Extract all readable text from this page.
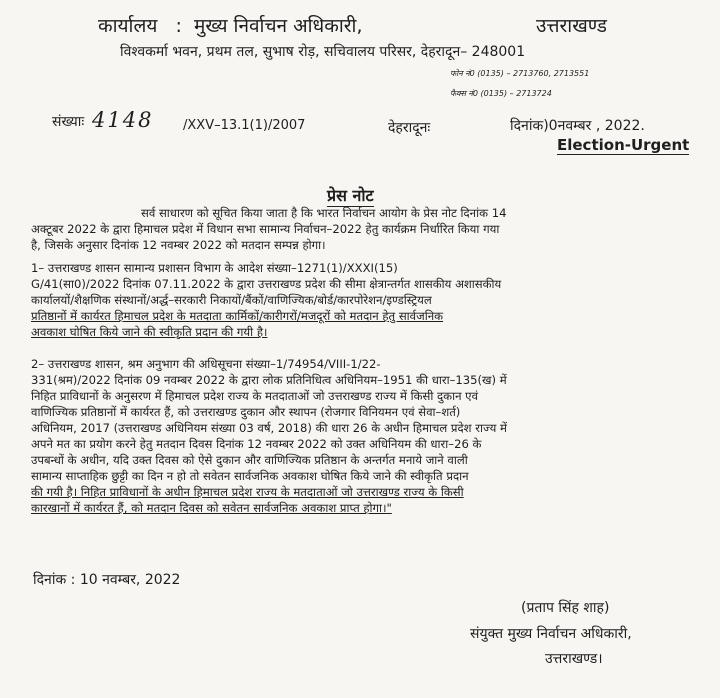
कार्यालय : मुख्य निर्वाचन अधिकारी,	उत्तराखण्ड
विश्वकर्मा भवन, प्रथम तल, सुभाष रोड़, सचिवालय परिसर, देहरादून– 248001
फोन नं0 (0135) – 2713760, 2713551
फैक्स नं0 (0135) – 2713724
संख्याः 4148 /XXV–13.1(1)/2007	देहरादूनः	दिनांक)0नवम्बर , 2022.
Election-Urgent
प्रेस नोट
सर्व साधारण को सूचित किया जाता है कि भारत निर्वाचन आयोग के प्रेस नोट दिनांक 14
अक्टूबर 2022 के द्वारा हिमाचल प्रदेश में विधान सभा सामान्य निर्वाचन–2022 हेतु कार्यक्रम निर्धारित किया गया
है, जिसके अनुसार दिनांक 12 नवम्बर 2022 को मतदान सम्पन्न होगा।
1– उत्तराखण्ड शासन सामान्य प्रशासन विभाग के आदेश संख्या–1271(1)/XXXI(15)
G/41(सा0)/2022 दिनांक 07.11.2022 के द्वारा उत्तराखण्ड प्रदेश की सीमा क्षेत्रान्तर्गत शासकीय अशासकीय
कार्यालयों/शैक्षणिक संस्थानों/अर्द्ध–सरकारी निकायों/बैंकों/वाणिज्यिक/बोर्ड/कारपोरेशन/इण्डस्ट्रियल
प्रतिष्ठानों में कार्यरत हिमाचल प्रदेश के मतदाता कार्मिकों/कारीगरों/मजदूरों को मतदान हेतु सार्वजनिक
अवकाश घोषित किये जाने की स्वीकृति प्रदान की गयी है।
2– उत्तराखण्ड शासन, श्रम अनुभाग की अधिसूचना संख्या–1/74954/VIII-1/22-
331(श्रम)/2022 दिनांक 09 नवम्बर 2022 के द्वारा लोक प्रतिनिधित्व अधिनियम–1951 की धारा–135(ख) में
निहित प्राविधानों के अनुसरण में हिमाचल प्रदेश राज्य के मतदाताओं जो उत्तराखण्ड राज्य में किसी दुकान एवं
वाणिज्यिक प्रतिष्ठानों में कार्यरत हैं, को उत्तराखण्ड दुकान और स्थापन (रोजगार विनियमन एवं सेवा–शर्त)
अधिनियम, 2017 (उत्तराखण्ड अधिनियम संख्या 03 वर्ष, 2018) की धारा 26 के अधीन हिमाचल प्रदेश राज्य में
अपने मत का प्रयोग करने हेतु मतदान दिवस दिनांक 12 नवम्बर 2022 को उक्त अधिनियम की धारा–26 के
उपबन्धों के अधीन, यदि उक्त दिवस को ऐसे दुकान और वाणिज्यिक प्रतिष्ठान के अन्तर्गत मनाये जाने वाली
सामान्य साप्ताहिक छुट्टी का दिन न हो तो सवेतन सार्वजनिक अवकाश घोषित किये जाने की स्वीकृति प्रदान
की गयी है। निहित प्राविधानों के अधीन हिमाचल प्रदेश राज्य के मतदाताओं जो उत्तराखण्ड राज्य के किसी
कारखानों में कार्यरत हैं, को मतदान दिवस को सवेतन सार्वजनिक अवकाश प्राप्त होगा।"
दिनांक : 10 नवम्बर, 2022
(प्रताप सिंह शाह)
संयुक्त मुख्य निर्वाचन अधिकारी,
उत्तराखण्ड।
